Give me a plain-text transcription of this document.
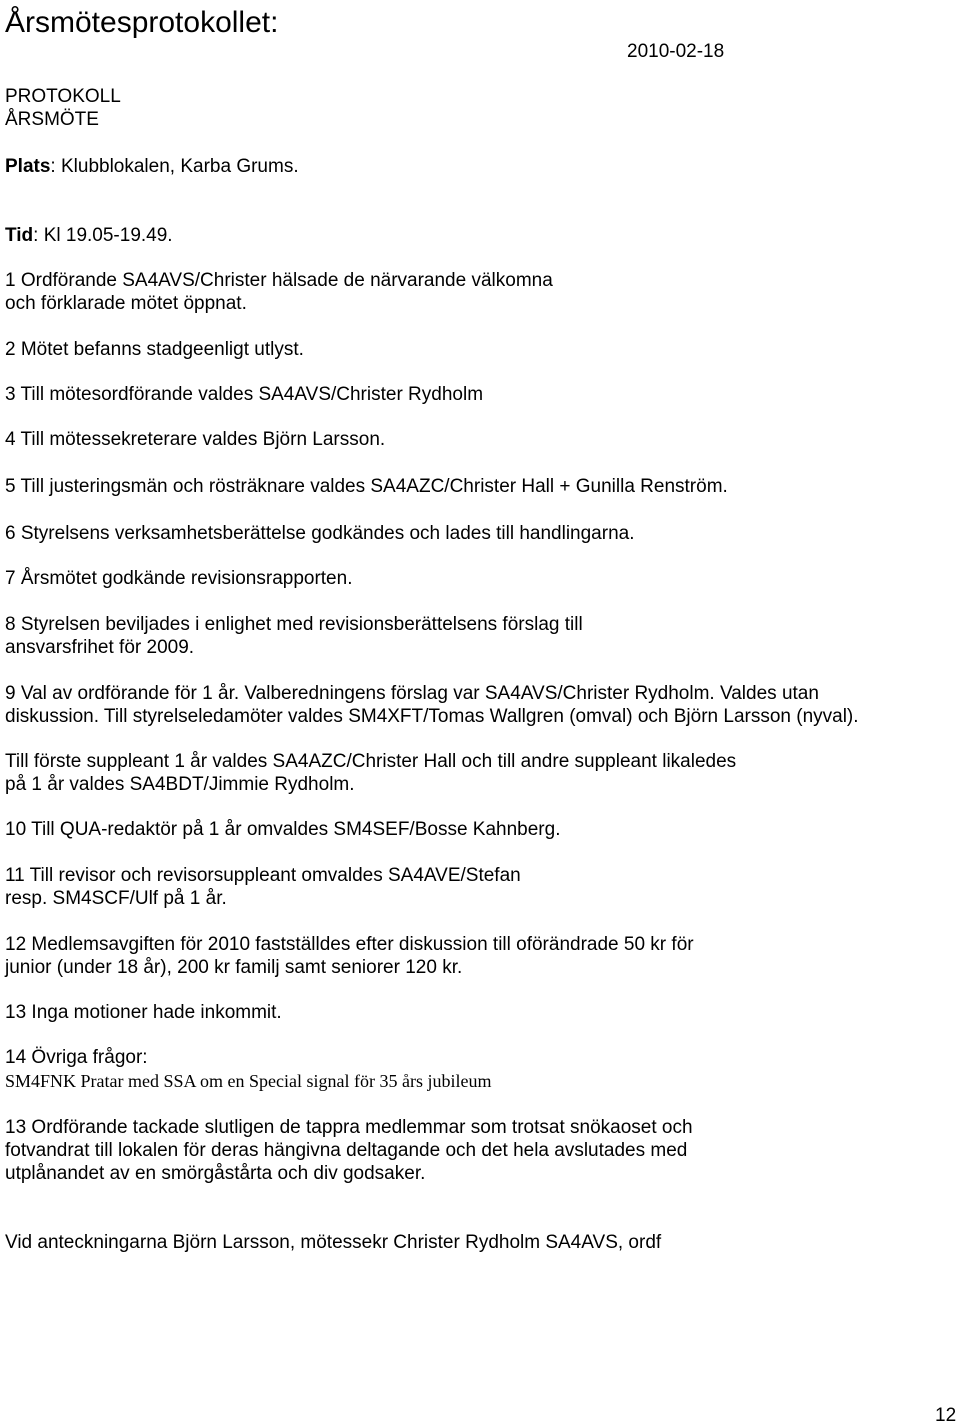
Årsmötesprotokollet:
2010-02-18
PROTOKOLL
ÅRSMÖTE
Plats: Klubblokalen, Karba Grums.
Tid: Kl 19.05-19.49.
1 Ordförande SA4AVS/Christer hälsade de närvarande välkomna
och förklarade mötet öppnat.
2 Mötet befanns stadgeenligt utlyst.
3 Till mötesordförande valdes SA4AVS/Christer Rydholm
4 Till mötessekreterare valdes Björn Larsson.
5 Till justeringsmän och rösträknare valdes SA4AZC/Christer Hall + Gunilla Renström.
6 Styrelsens verksamhetsberättelse godkändes och lades till handlingarna.
7 Årsmötet godkände revisionsrapporten.
8 Styrelsen beviljades i enlighet med revisionsberättelsens förslag till
ansvarsfrihet för 2009.
9 Val av ordförande för 1 år. Valberedningens förslag var SA4AVS/Christer Rydholm. Valdes utan
diskussion. Till styrelseledamöter valdes SM4XFT/Tomas Wallgren (omval) och Björn Larsson (nyval).
Till förste suppleant 1 år valdes SA4AZC/Christer Hall och till andre suppleant likaledes
på 1 år valdes SA4BDT/Jimmie Rydholm.
10 Till QUA-redaktör på 1 år omvaldes SM4SEF/Bosse Kahnberg.
11 Till revisor och revisorsuppleant omvaldes SA4AVE/Stefan
resp. SM4SCF/Ulf på 1 år.
12 Medlemsavgiften för 2010 fastställdes efter diskussion till oförändrade 50 kr för
junior (under 18 år), 200 kr familj samt seniorer 120 kr.
13 Inga motioner hade inkommit.
14 Övriga frågor:
SM4FNK Pratar med SSA om en Special signal för 35 års jubileum
13 Ordförande tackade slutligen de tappra medlemmar som trotsat snökaoset och
fotvandrat till lokalen för deras hängivna deltagande och det hela avslutades med
utplånandet av en smörgåstårta och div godsaker.
Vid anteckningarna Björn Larsson, mötessekr Christer Rydholm SA4AVS, ordf
12
